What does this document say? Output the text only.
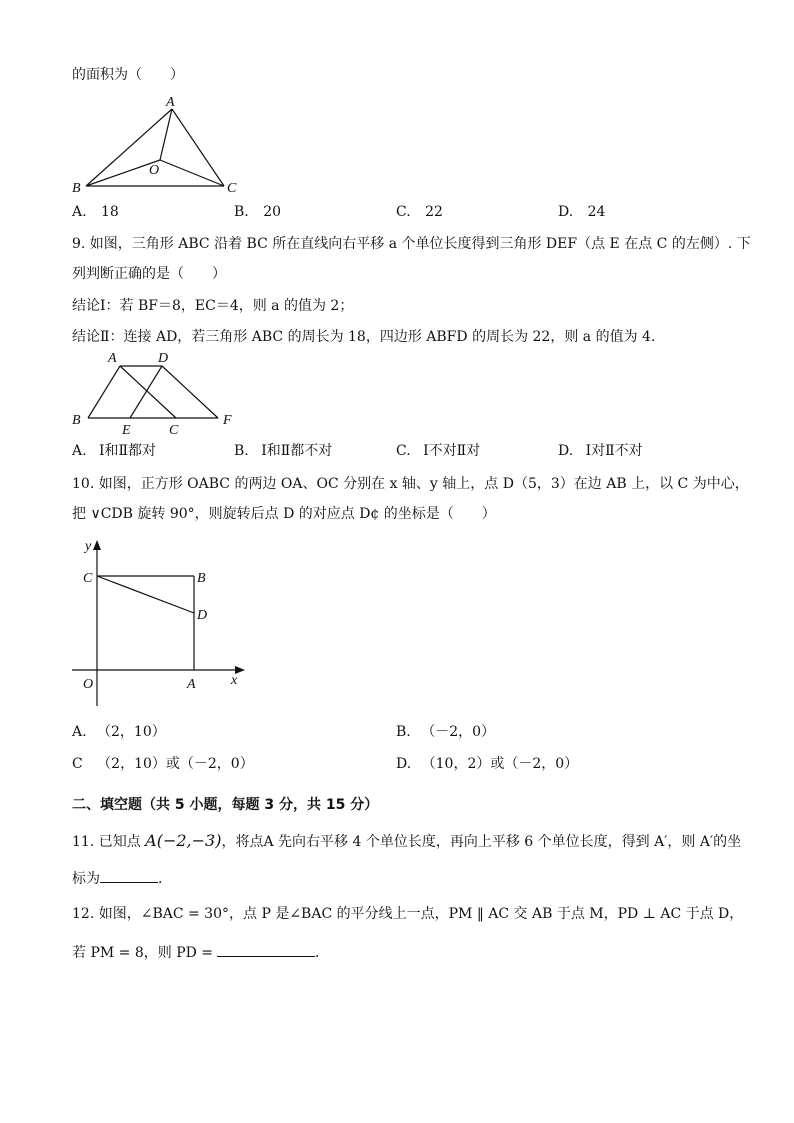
的面积为（　　）
A
O
B	C
A. 18	B. 20	C. 22	D. 24
9. 如图，三角形 ABC 沿着 BC 所在直线向右平移 a 个单位长度得到三角形 DEF（点 E 在点 C 的左侧）. 下
列判断正确的是（　　）
结论Ⅰ：若 BF＝8，EC＝4，则 a 的值为 2；
结论Ⅱ：连接 AD，若三角形 ABC 的周长为 18，四边形 ABFD 的周长为 22，则 a 的值为 4．
A	D
B
E	C
F
A. Ⅰ和Ⅱ都对	B. Ⅰ和Ⅱ都不对	C. Ⅰ不对Ⅱ对	D. Ⅰ对Ⅱ不对
10. 如图，正方形 OABC 的两边 OA、OC 分别在 x 轴、y 轴上，点 D（5，3）在边 AB 上，以 C 为中心，
把 ∨CDB 旋转 90°，则旋转后点 D 的对应点 D¢ 的坐标是（　　）
y
x
C	B
D
O	A
A. （2，10）	B. （－2，0）
C （2，10）或（－2，0）	D. （10，2）或（－2，0）
二、填空题（共 5 小题，每题 3 分，共 15 分）
11. 已知点 A(−2,−3)，将点A 先向右平移 4 个单位长度，再向上平移 6 个单位长度，得到 A′，则 A′的坐
标为	．
12. 如图，∠BAC = 30°，点 P 是∠BAC 的平分线上一点，PM ‖ AC 交 AB 于点 M，PD ⊥ AC 于点 D，
若 PM = 8，则 PD =	．
